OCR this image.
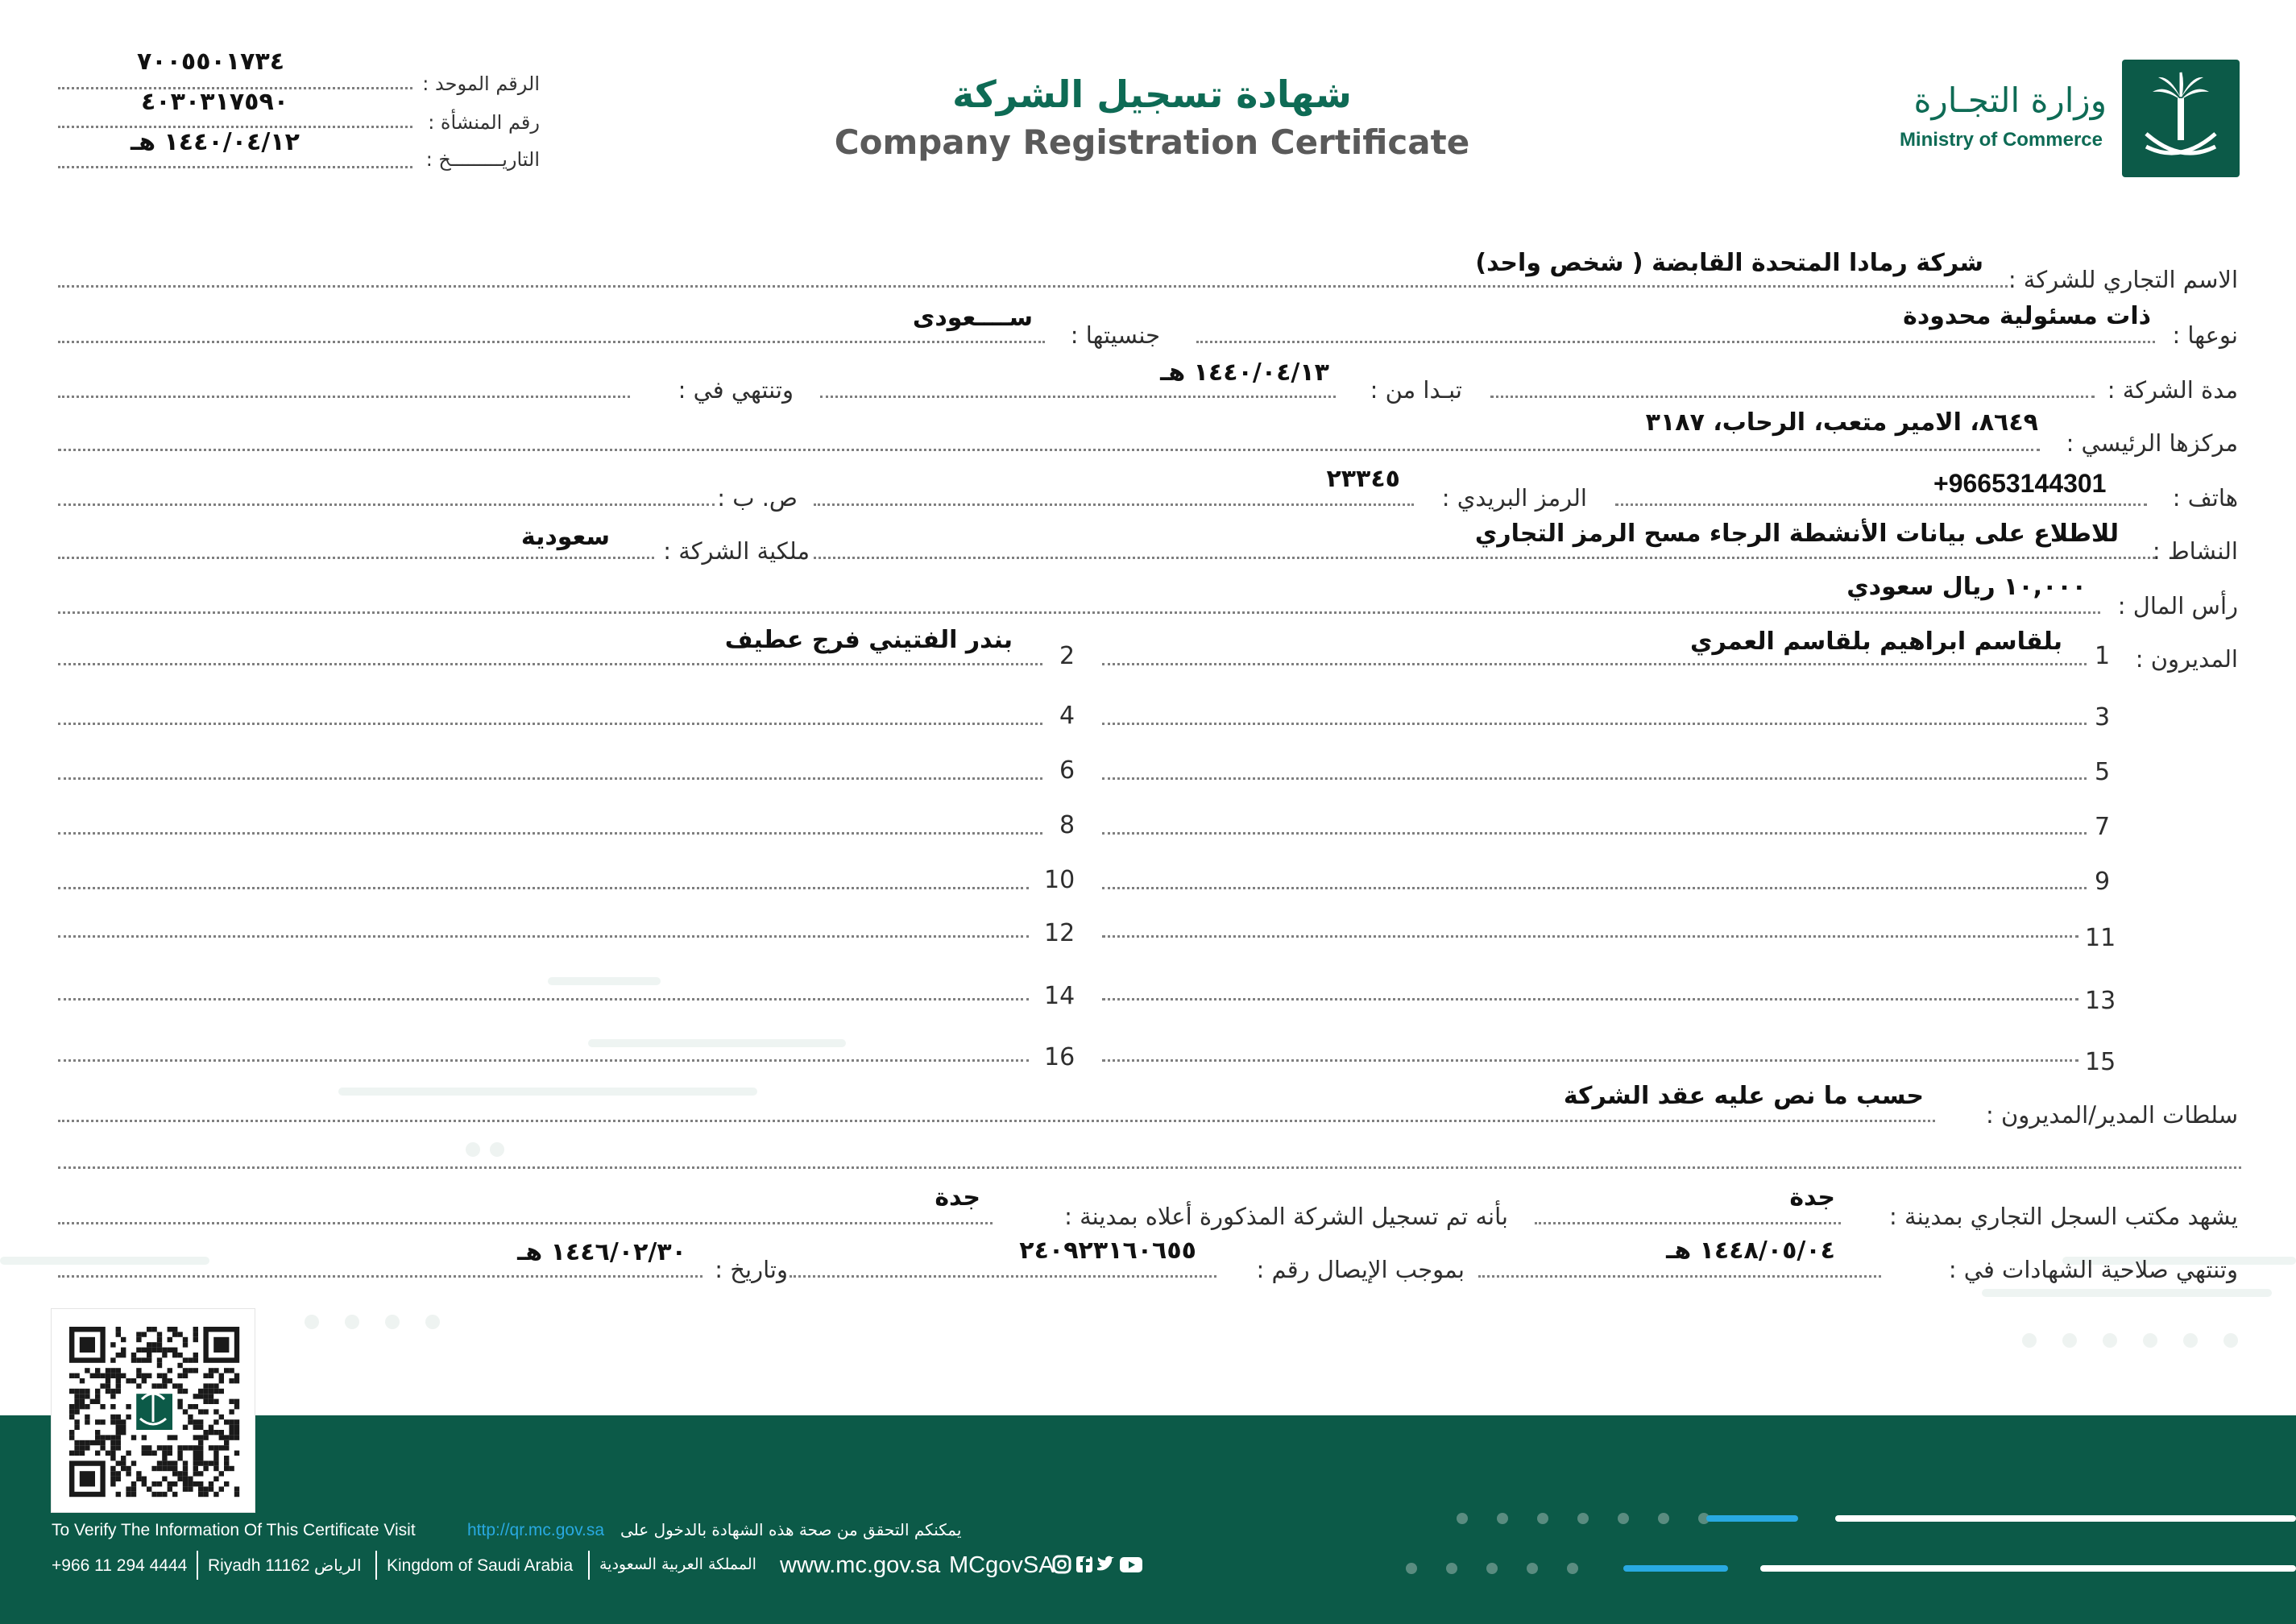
وزارة التجـارة
Ministry of Commerce
شهادة تسجيل الشركة
Company Registration Certificate
الرقم الموحد :
٧٠٠٥٥٠١٧٣٤
رقم المنشأة :
٤٠٣٠٣١٧٥٩٠
التاريـــــــــخ :
١٤٤٠/٠٤/١٢ هـ
الاسم التجاري للشركة :
شركة رمادا المتحدة القابضة ( شخص واحد)
نوعها :
ذات مسئولية محدودة
جنسيتها :
ســــعودى
مدة الشركة :
تبـدا من :
١٤٤٠/٠٤/١٣ هـ
وتنتهي في :
مركزها الرئيسي :
٨٦٤٩، الامير متعب، الرحاب، ٣١٨٧
هاتف :
+96653144301
الرمز البريدي :
٢٣٣٤٥
ص. ب :
النشاط :
للاطلاع على بيانات الأنشطة الرجاء مسح الرمز التجاري
ملكية الشركة :
سعودية
رأس المال :
١٠,٠٠٠ ريال سعودي
المديرون :
1
بلقاسم ابراهيم بلقاسم العمري
3
5
7
9
11
13
15
2
بندر الفتيني فرج عطيف
4
6
8
10
12
14
16
سلطات المدير/المديرون :
حسب ما نص عليه عقد الشركة
يشهد مكتب السجل التجاري بمدينة :
جدة
بأنه تم تسجيل الشركة المذكورة أعلاه بمدينة :
جدة
وتنتهي صلاحية الشهادات في :
١٤٤٨/٠٥/٠٤ هـ
بموجب الإيصال رقم :
٢٤٠٩٢٣١٦٠٦٥٥
وتاريخ :
١٤٤٦/٠٢/٣٠ هـ
To Verify The Information Of This Certificate Visit	http://qr.mc.gov.sa يمكنكم التحقق من صحة هذه الشهادة بالدخول على
+966 11 294 4444 Riyadh 11162 الرياض Kingdom of Saudi Arabia المملكة العربية السعودية www.mc.gov.sa MCgovSA
